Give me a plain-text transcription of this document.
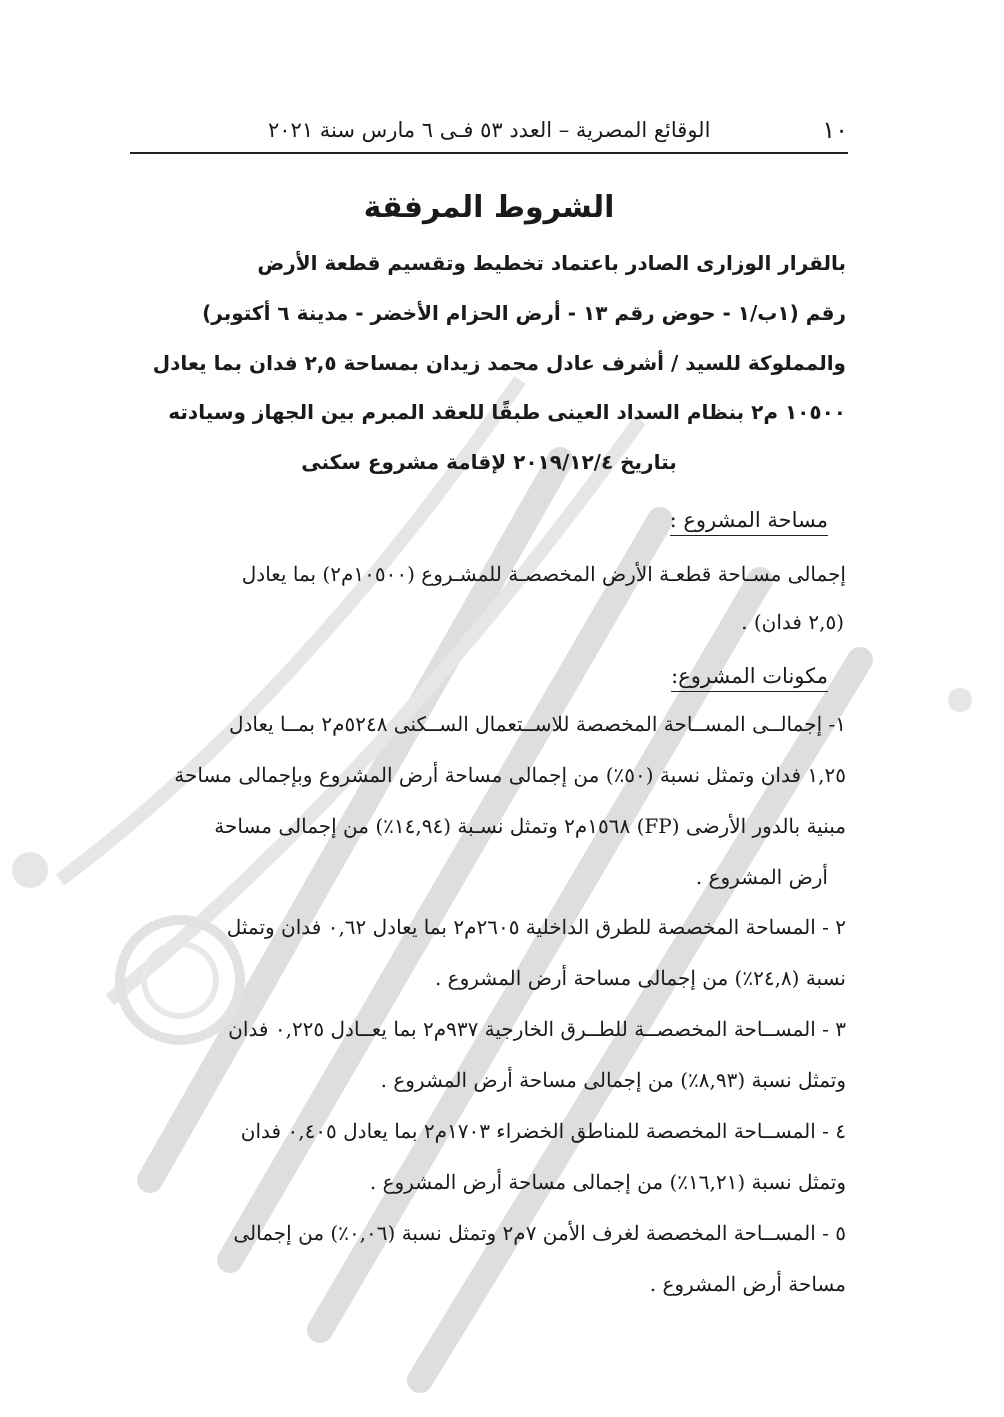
١٠
الوقائع المصرية – العدد ٥٣ فـى ٦ مارس سنة ٢٠٢١
الشروط المرفقة
بالقرار الوزارى الصادر باعتماد تخطيط وتقسيم قطعة الأرض
رقم (١ب/١ - حوض رقم ١٣ - أرض الحزام الأخضر - مدينة ٦ أكتوبر)
والمملوكة للسيد / أشرف عادل محمد زيدان بمساحة ٢,٥ فدان بما يعادل
١٠٥٠٠ م٢ بنظام السداد العينى طبقًا للعقد المبرم بين الجهاز وسيادته
بتاريخ ٢٠١٩/١٢/٤ لإقامة مشروع سكنى
مساحة المشروع :
إجمالى مسـاحة قطعـة الأرض المخصصـة للمشـروع (١٠٥٠٠م٢) بما يعادل
(٢,٥ فدان) .
مكونات المشروع:
١- إجمالــى المســاحة المخصصة للاســتعمال الســكنى ٥٢٤٨م٢ بمــا يعادل
١,٢٥ فدان وتمثل نسبة (٥٠٪) من إجمالى مساحة أرض المشروع وبإجمالى مساحة
مبنية بالدور الأرضى (FP) ١٥٦٨م٢ وتمثل نسـبة (١٤,٩٤٪) من إجمالى مساحة
أرض المشروع .
٢ - المساحة المخصصة للطرق الداخلية ٢٦٠٥م٢ بما يعادل ٠,٦٢ فدان وتمثل
نسبة (٢٤,٨٪) من إجمالى مساحة أرض المشروع .
٣ - المســاحة المخصصــة للطــرق الخارجية ٩٣٧م٢ بما يعــادل ٠,٢٢٥ فدان
وتمثل نسبة (٨,٩٣٪) من إجمالى مساحة أرض المشروع .
٤ - المســاحة المخصصة للمناطق الخضراء ١٧٠٣م٢ بما يعادل ٠,٤٠٥ فدان
وتمثل نسبة (١٦,٢١٪) من إجمالى مساحة أرض المشروع .
٥ - المســاحة المخصصة لغرف الأمن ٧م٢ وتمثل نسبة (٠,٠٦٪) من إجمالى
مساحة أرض المشروع .
